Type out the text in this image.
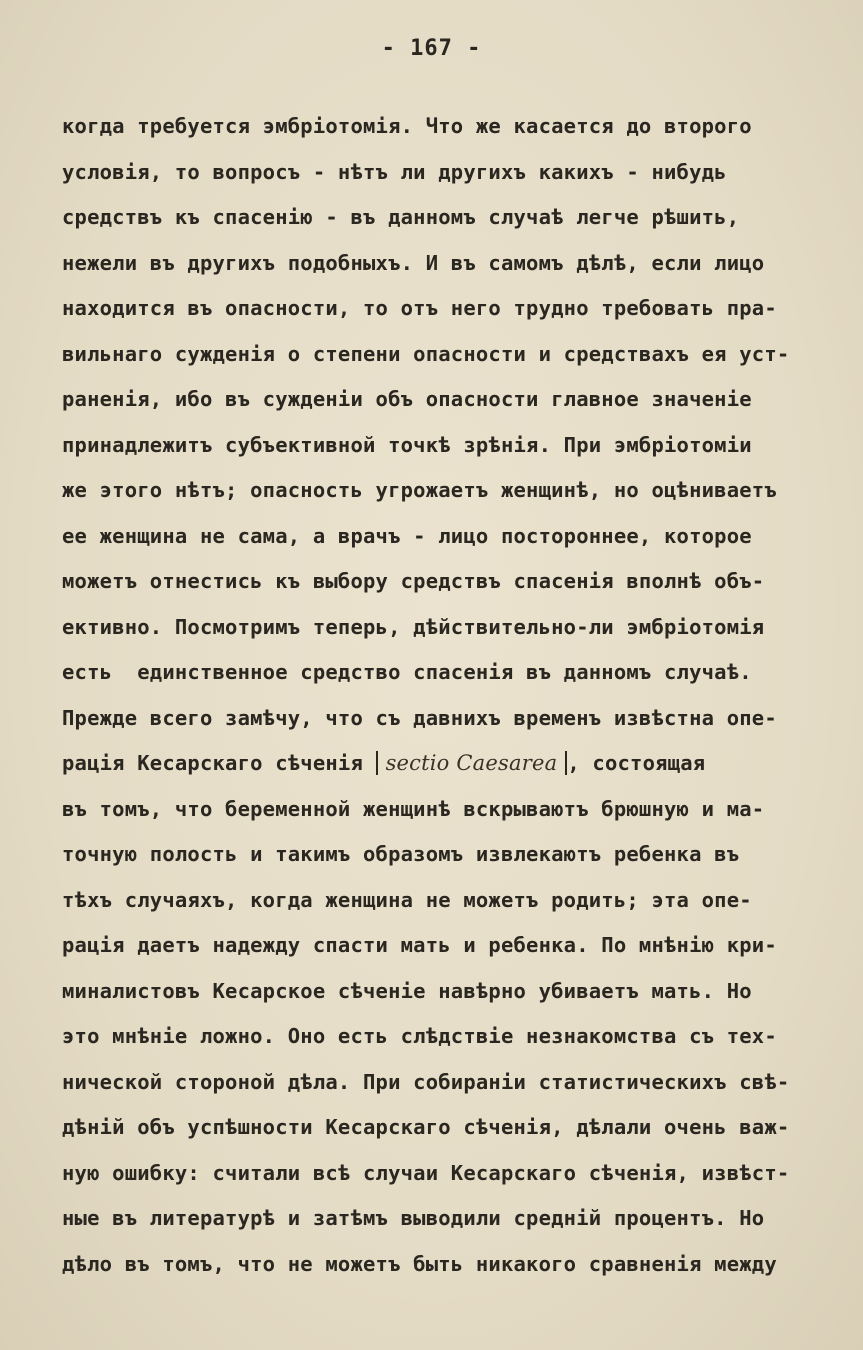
- 167 -
когда требуется эмбріотомія. Что же касается до второго
условія, то вопросъ - нѣтъ ли другихъ какихъ - нибудь
средствъ къ спасенію - въ данномъ случаѣ легче рѣшить,
нежели въ другихъ подобныхъ. И въ самомъ дѣлѣ, если лицо
находится въ опасности, то отъ него трудно требовать пра-
вильнаго сужденія о степени опасности и средствахъ ея уст-
раненія, ибо въ сужденіи объ опасности главное значеніе
принадлежитъ субъективной точкѣ зрѣнія. При эмбріотоміи
же этого нѣтъ; опасность угрожаетъ женщинѣ, но оцѣниваетъ
ее женщина не сама, а врачъ - лицо постороннее, которое
можетъ отнестись къ выбору средствъ спасенія вполнѣ объ-
ективно. Посмотримъ теперь, дѣйствительно-ли эмбріотомія
есть  единственное средство спасенія въ данномъ случаѣ.
Прежде всего замѣчу, что съ давнихъ временъ извѣстна опе-
рація Кесарскаго сѣченія sectio Caesarea , состоящая
въ томъ, что беременной женщинѣ вскрываютъ брюшную и ма-
точную полость и такимъ образомъ извлекаютъ ребенка въ
тѣхъ случаяхъ, когда женщина не можетъ родить; эта опе-
рація даетъ надежду спасти мать и ребенка. По мнѣнію кри-
миналистовъ Кесарское сѣченіе навѣрно убиваетъ мать. Но
это мнѣніе ложно. Оно есть слѣдствіе незнакомства съ тех-
нической стороной дѣла. При собираніи статистическихъ свѣ-
дѣній объ успѣшности Кесарскаго сѣченія, дѣлали очень важ-
ную ошибку: считали всѣ случаи Кесарскаго сѣченія, извѣст-
ные въ литературѣ и затѣмъ выводили средній процентъ. Но
дѣло въ томъ, что не можетъ быть никакого сравненія между
